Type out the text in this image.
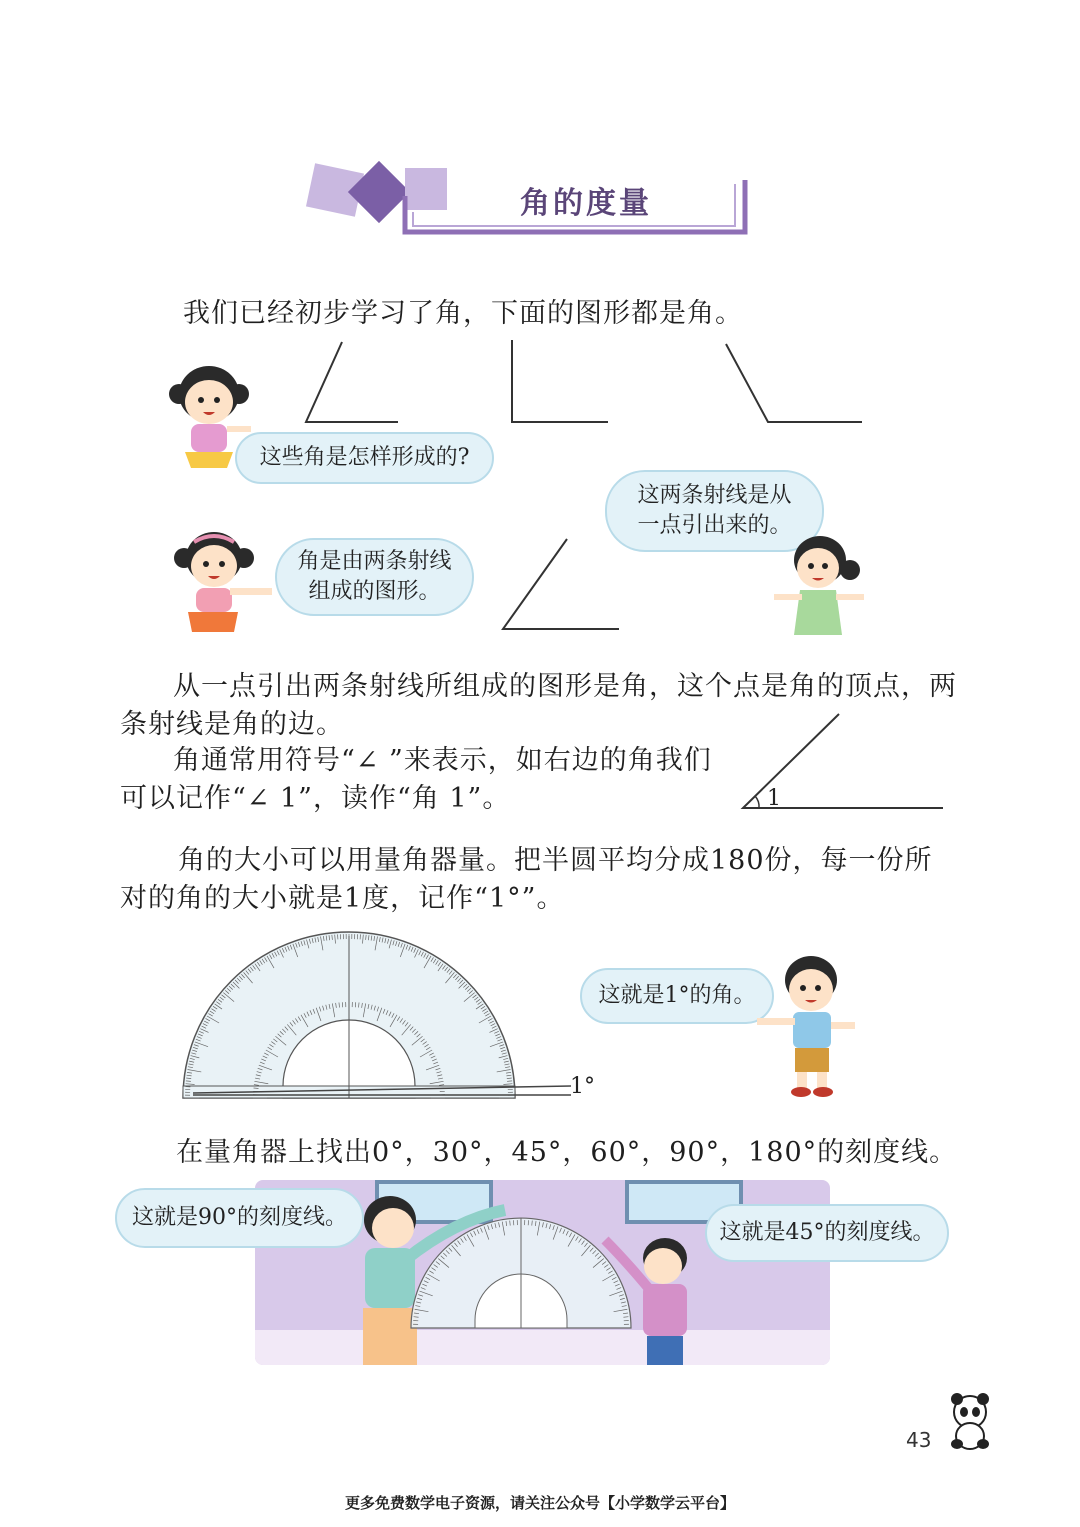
角的度量
我们已经初步学习了角，下面的图形都是角。
这些角是怎样形成的?
这两条射线是从
一点引出来的。
角是由两条射线
组成的图形。
从一点引出两条射线所组成的图形是角，这个点是角的顶点，两
条射线是角的边。
角通常用符号“∠ ”来表示，如右边的角我们
可以记作“∠ 1”，读作“角 1”。	1
角的大小可以用量角器量。把半圆平均分成180份，每一份所
对的角的大小就是1度，记作“1°”。
1°
这就是1°的角。
在量角器上找出0°，30°，45°，60°，90°，180°的刻度线。
这就是90°的刻度线。
这就是45°的刻度线。
43
更多免费数学电子资源，请关注公众号【小学数学云平台】
